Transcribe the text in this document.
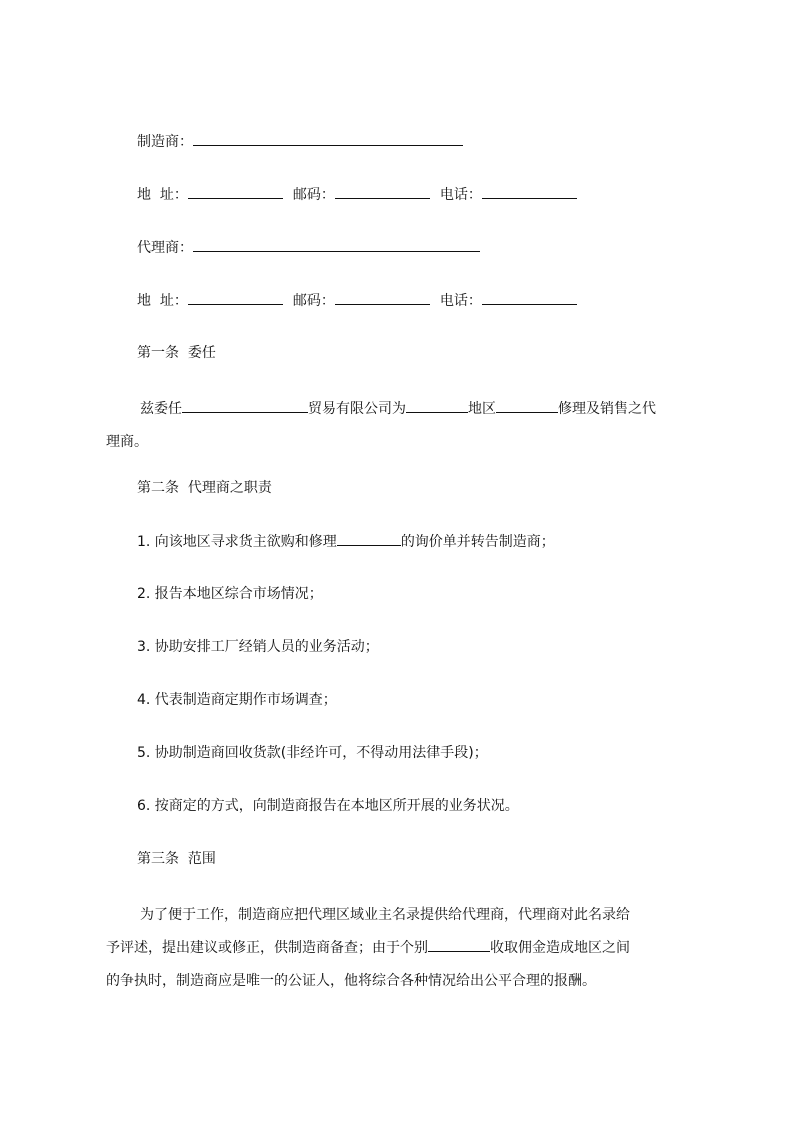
制造商：
地  址：	邮码：	电话：
代理商：
地  址：	邮码：	电话：
第一条  委任
兹委任	贸易有限公司为	地区	修理及销售之代
理商。
第二条  代理商之职责
1. 向该地区寻求货主欲购和修理	的询价单并转告制造商；
2. 报告本地区综合市场情况；
3. 协助安排工厂经销人员的业务活动；
4. 代表制造商定期作市场调查；
5. 协助制造商回收货款(非经许可，不得动用法律手段)；
6. 按商定的方式，向制造商报告在本地区所开展的业务状况。
第三条  范围
为了便于工作，制造商应把代理区域业主名录提供给代理商，代理商对此名录给
予评述，提出建议或修正，供制造商备查；由于个别	收取佣金造成地区之间
的争执时，制造商应是唯一的公证人，他将综合各种情况给出公平合理的报酬。
